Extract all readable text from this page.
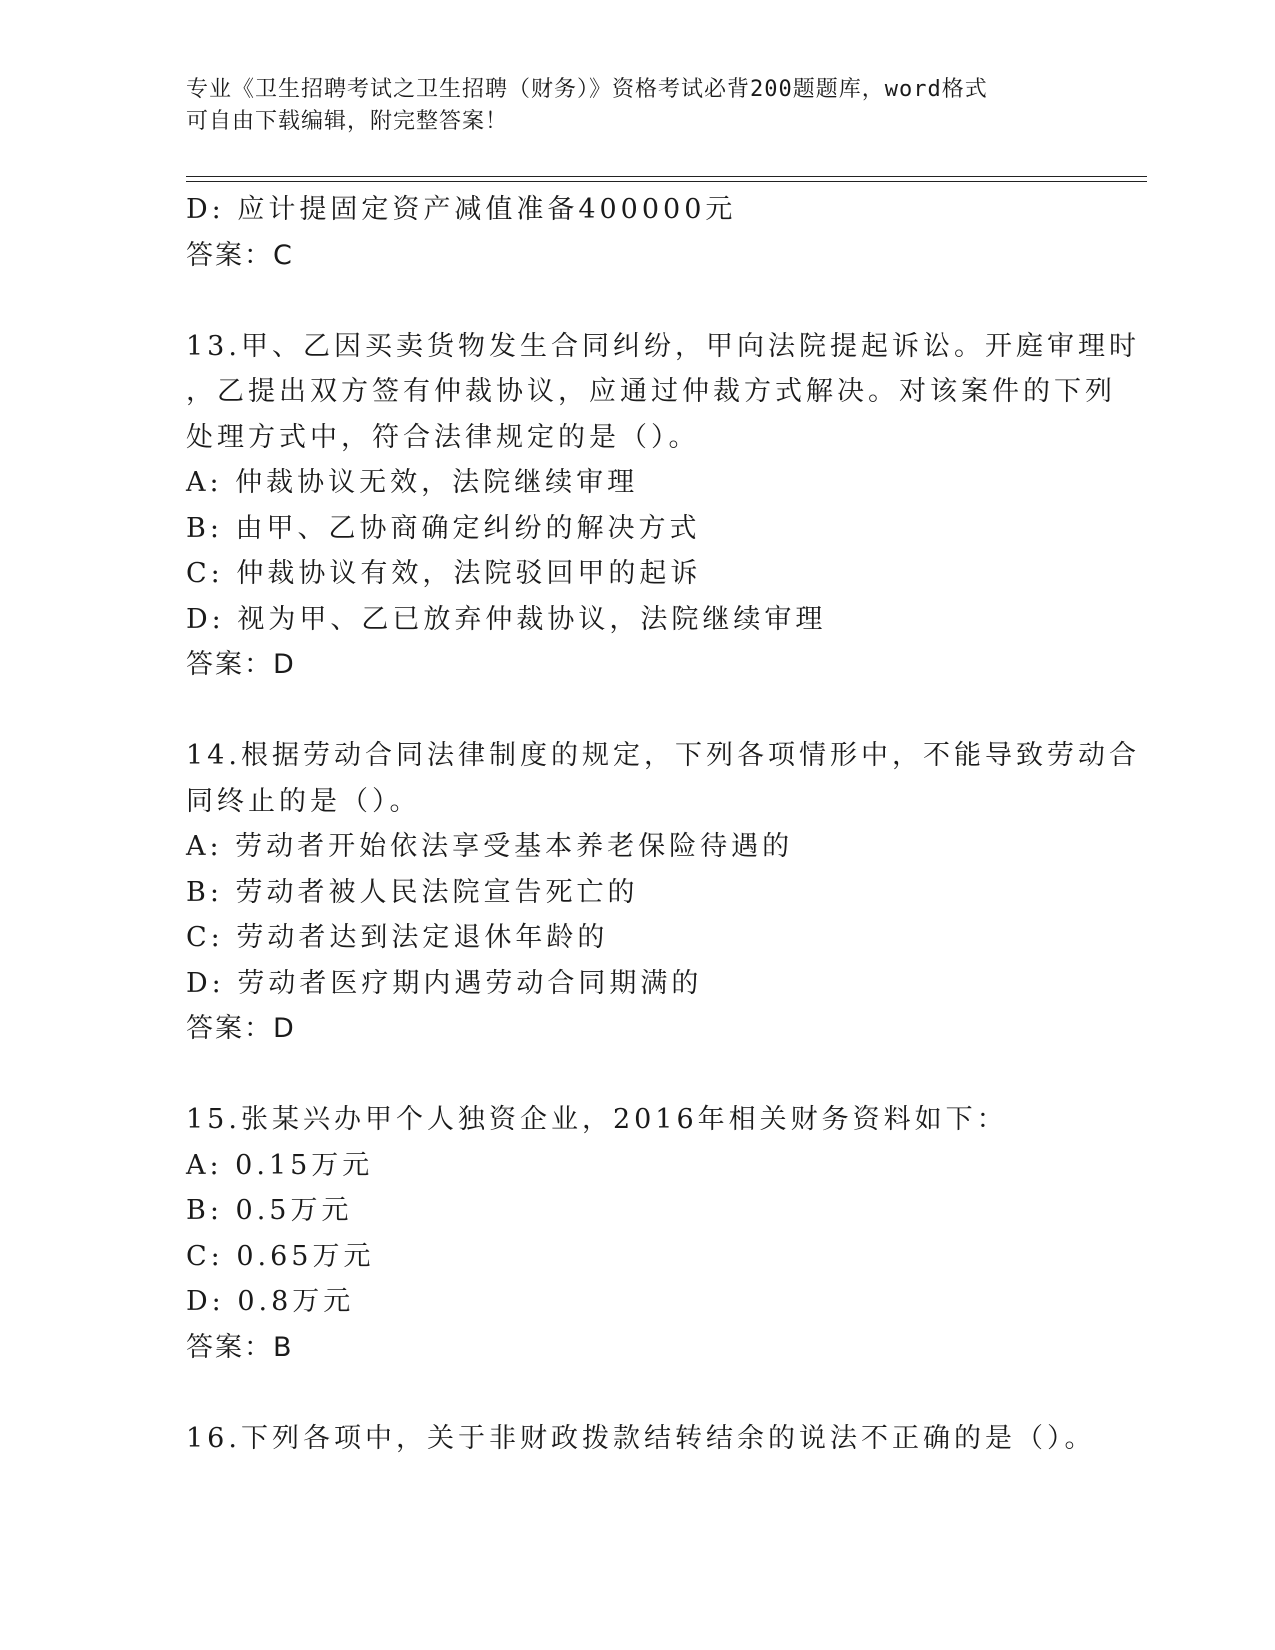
专业《卫生招聘考试之卫生招聘（财务）》资格考试必背200题题库，word格式
可自由下载编辑，附完整答案！
D: 应计提固定资产减值准备400000元
答案：C
13.甲、乙因买卖货物发生合同纠纷，甲向法院提起诉讼。开庭审理时
，乙提出双方签有仲裁协议，应通过仲裁方式解决。对该案件的下列
处理方式中，符合法律规定的是（）。
A: 仲裁协议无效，法院继续审理
B: 由甲、乙协商确定纠纷的解决方式
C: 仲裁协议有效，法院驳回甲的起诉
D: 视为甲、乙已放弃仲裁协议，法院继续审理
答案：D
14.根据劳动合同法律制度的规定，下列各项情形中，不能导致劳动合
同终止的是（）。
A: 劳动者开始依法享受基本养老保险待遇的
B: 劳动者被人民法院宣告死亡的
C: 劳动者达到法定退休年龄的
D: 劳动者医疗期内遇劳动合同期满的
答案：D
15.张某兴办甲个人独资企业，2016年相关财务资料如下：
A: 0.15万元
B: 0.5万元
C: 0.65万元
D: 0.8万元
答案：B
16.下列各项中，关于非财政拨款结转结余的说法不正确的是（）。
